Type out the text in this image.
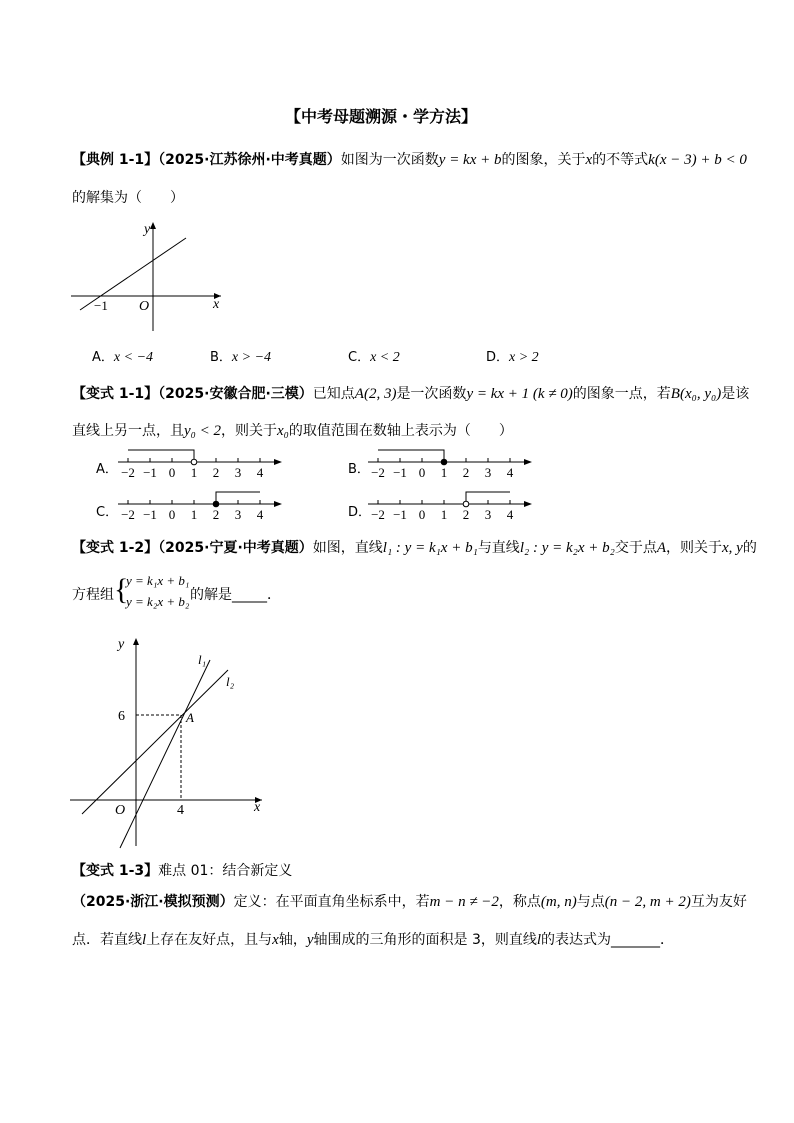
【中考母题溯源・学方法】
【典例 1-1】（2025·江苏徐州·中考真题）如图为一次函数y = kx + b的图象，关于x的不等式k(x − 3) + b < 0
的解集为（　　）
y
x
O
−1
A．x < −4	B．x > −4	C．x < 2	D．x > 2
【变式 1-1】（2025·安徽合肥·三模）已知点A(2, 3)是一次函数y = kx + 1 (k ≠ 0)的图象一点，若B(x₀, y₀)是该
直线上另一点，且y₀ < 2，则关于x₀的取值范围在数轴上表示为（　　）
A．	B．
C．	D．
−2 −1 0 1 2 3 4	−2 −1 0 1 2 3 4
−2 −1 0 1 2 3 4	−2 −1 0 1 2 3 4
【变式 1-2】（2025·宁夏·中考真题）如图，直线l₁ : y = k₁x + b₁与直线l₂ : y = k₂x + b₂交于点A，则关于x, y的
方程组 {
y = k₁x + b₁
y = k₂x + b₂ 的解是_____．
y
x
O
6
4
A
l₁
l₂
【变式 1-3】难点 01：结合新定义
（2025·浙江·模拟预测）定义：在平面直角坐标系中，若m − n ≠ −2，称点(m, n)与点(n − 2, m + 2)互为友好
点．若直线l上存在友好点，且与x轴，y轴围成的三角形的面积是 3，则直线l的表达式为_______．
